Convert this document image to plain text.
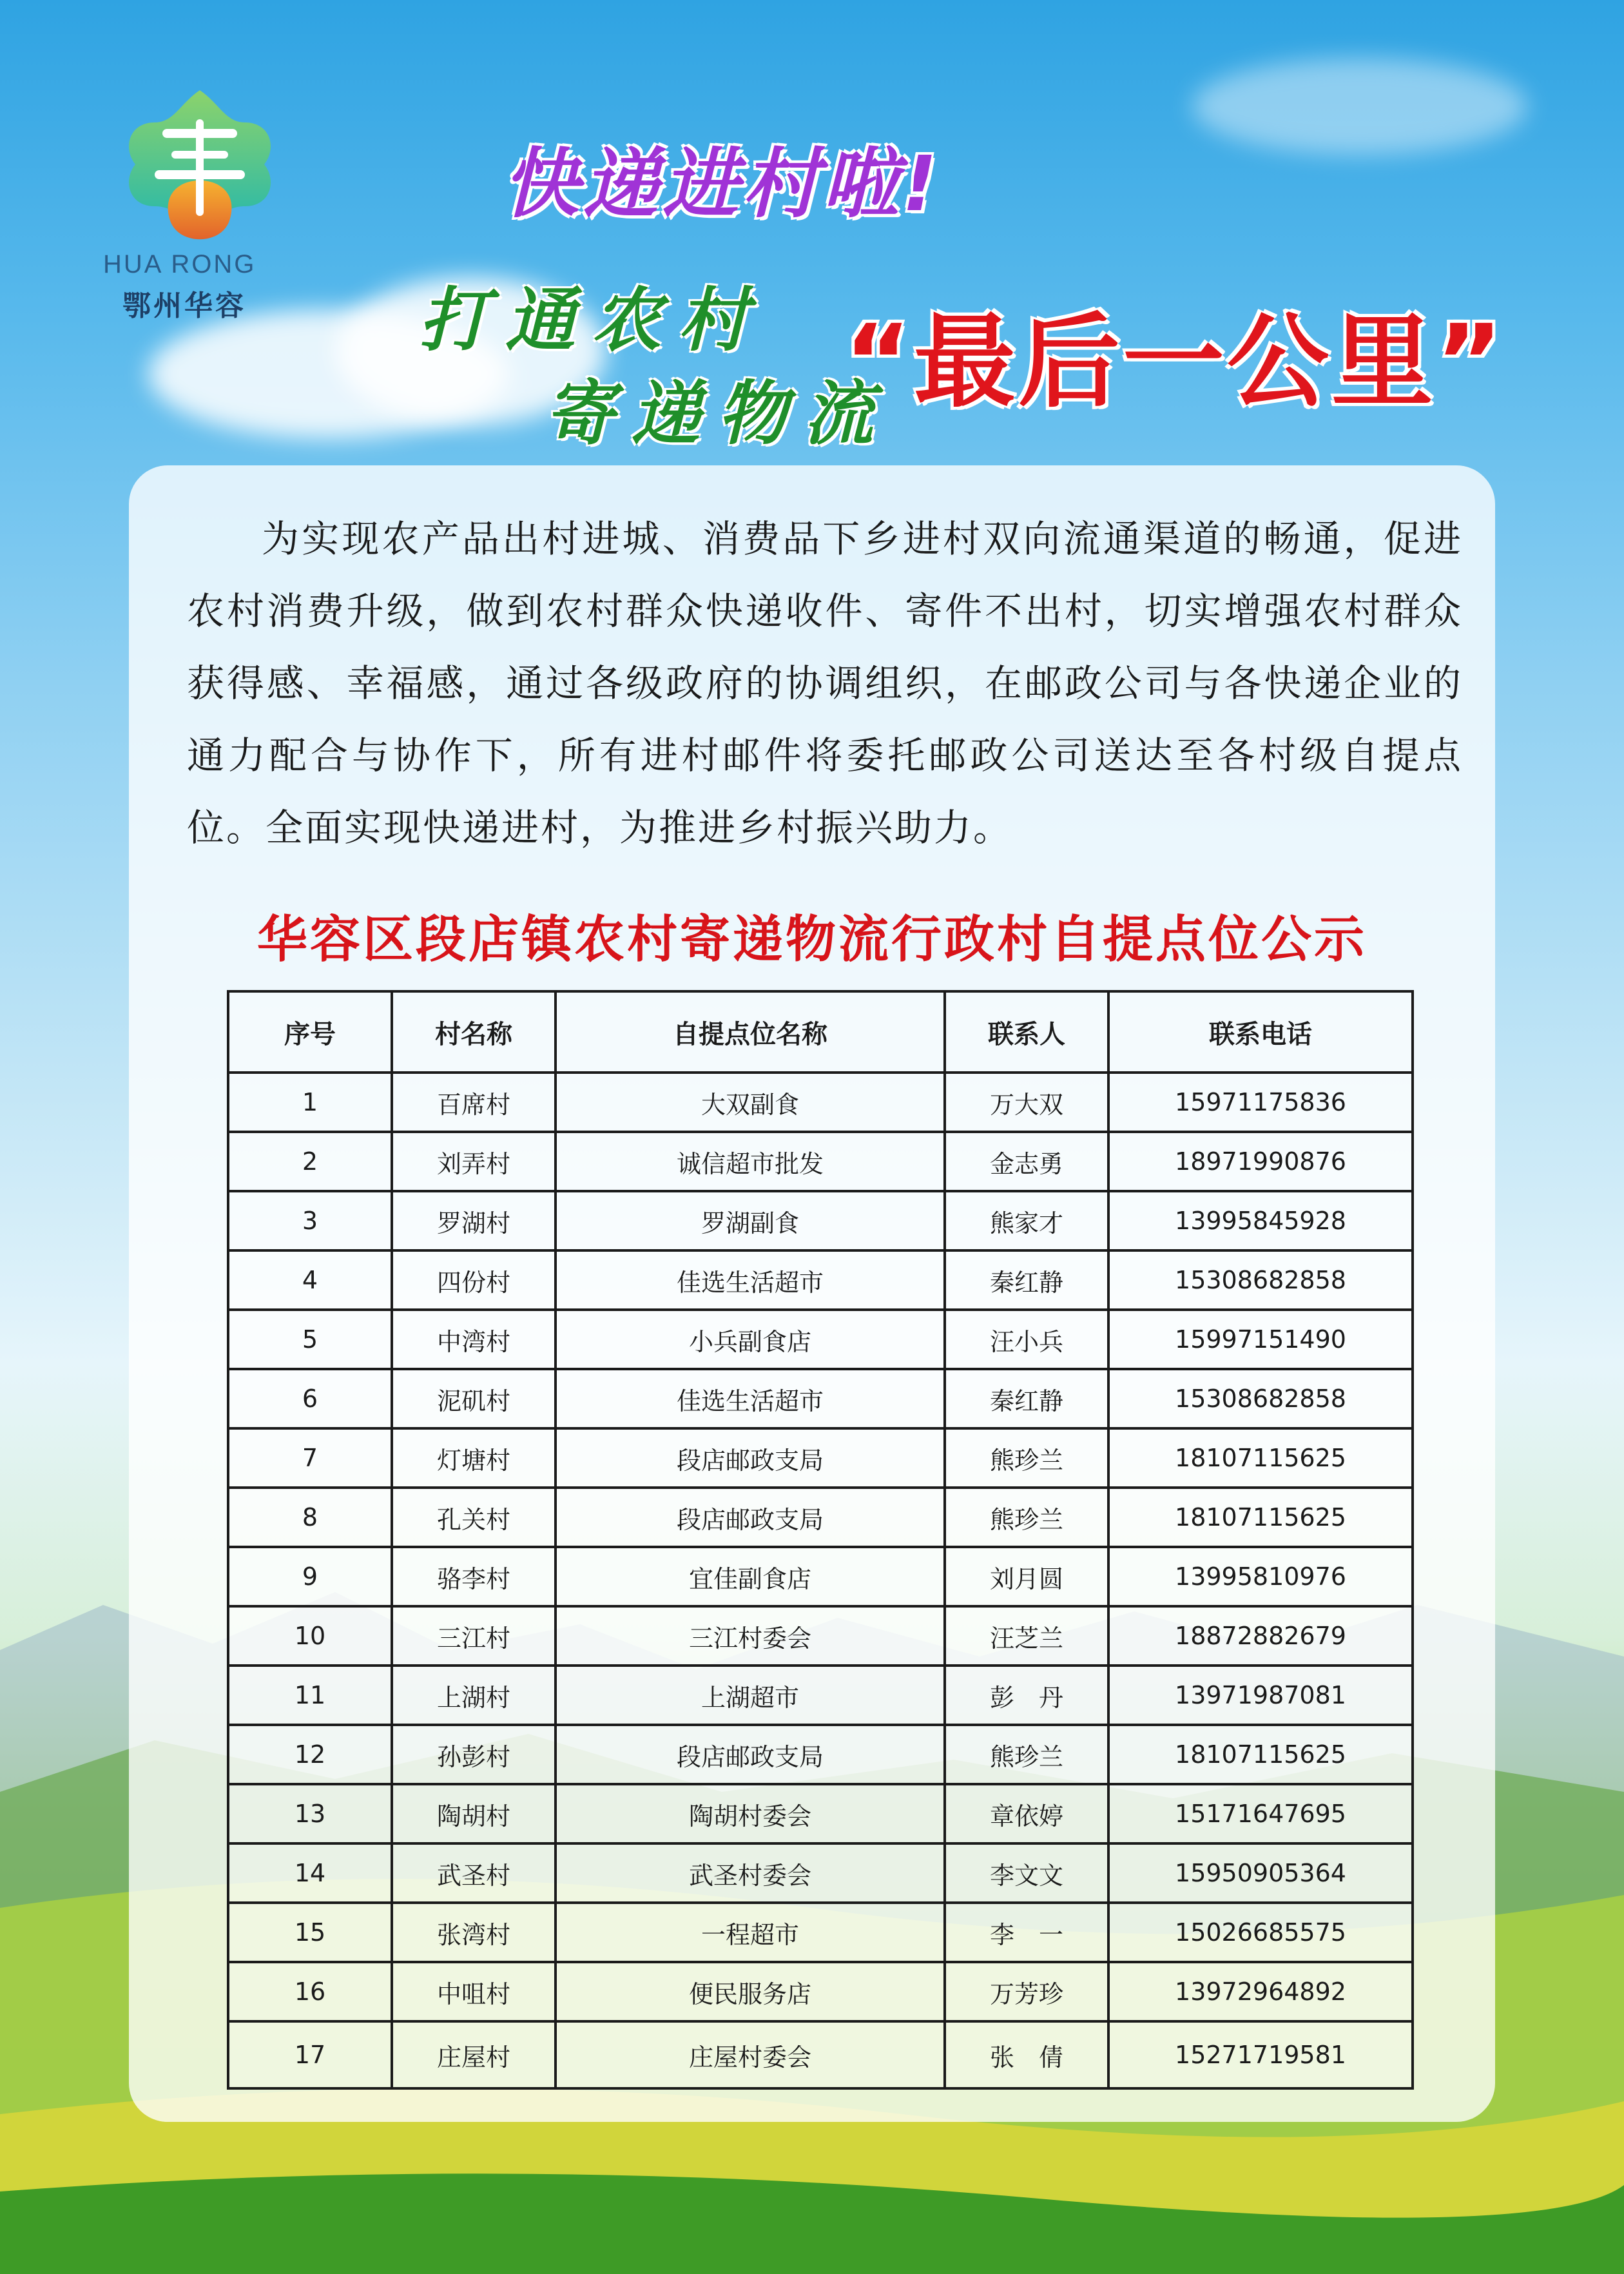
HUA RONG
鄂州华容
快递进村啦!
打通农村
寄递物流
“最后一公里”

为实现农产品出村进城、消费品下乡进村双向流通渠道的畅通，促进农村消费升级，做到农村群众快递收件、寄件不出村，切实增强农村群众获得感、幸福感，通过各级政府的协调组织，在邮政公司与各快递企业的通力配合与协作下，所有进村邮件将委托邮政公司送达至各村级自提点位。全面实现快递进村，为推进乡村振兴助力。

华容区段店镇农村寄递物流行政村自提点位公示
序号	村名称	自提点位名称	联系人	联系电话
1	百席村	大双副食	万大双	15971175836
2	刘弄村	诚信超市批发	金志勇	18971990876
3	罗湖村	罗湖副食	熊家才	13995845928
4	四份村	佳选生活超市	秦红静	15308682858
5	中湾村	小兵副食店	汪小兵	15997151490
6	泥矶村	佳选生活超市	秦红静	15308682858
7	灯塘村	段店邮政支局	熊珍兰	18107115625
8	孔关村	段店邮政支局	熊珍兰	18107115625
9	骆李村	宜佳副食店	刘月圆	13995810976
10	三江村	三江村委会	汪芝兰	18872882679
11	上湖村	上湖超市	彭　丹	13971987081
12	孙彭村	段店邮政支局	熊珍兰	18107115625
13	陶胡村	陶胡村委会	章依婷	15171647695
14	武圣村	武圣村委会	李文文	15950905364
15	张湾村	一程超市	李　一	15026685575
16	中咀村	便民服务店	万芳珍	13972964892
17	庄屋村	庄屋村委会	张　倩	15271719581
